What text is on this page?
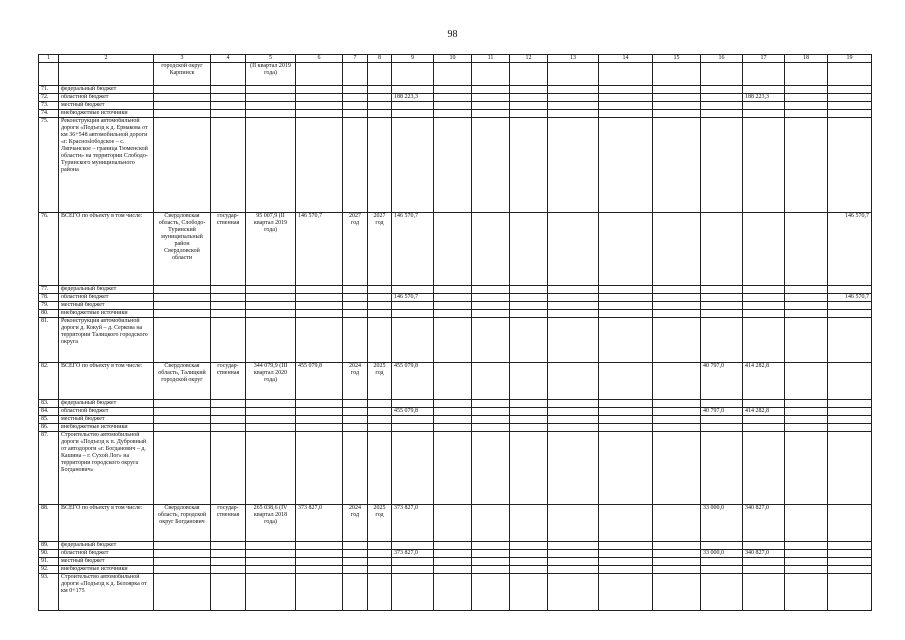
98
1	2	3	4	5	6	7	8	9	10	11	12	13	14	15	16	17	18	19
		городской округ Карпинск		(II квартал 2019 года)														
71.	федеральный бюджет																	
72.	областной бюджет							188 223,3								188 223,3		
73.	местный бюджет																	
74.	внебюджетные источники																	
75.	Реконструкция автомобильной дороги «Подъезд к д. Ермакова от км 36+548 автомобильной дороги «г. Красноslободское – с. Ляпчанское – граница Тюменской области» на территории Слободо-Туринского муниципального района																	
76.	ВСЕГО по объекту в том числе:	Свердловская область, Слободо-Туринский муниципальный район Свердловской области	государ-ственная	95 007,9 (II квартал 2019 года)	146 570,7	2027 год	2027 год	146 570,7										146 570,7
77.	федеральный бюджет																	
78.	областной бюджет							146 570,7										146 570,7
79.	местный бюджет																	
80.	внебюджетные источники																	
81.	Реконструкция автомобильной дороги д. Кокуй – д. Серкова на территории Талицкого городского округа																	
82.	ВСЕГО по объекту в том числе:	Свердловская область, Талицкий городской округ	государ-ственная	344 079,9 (III квартал 2020 года)	455 079,8	2024 год	2025 год	455 079,8							40 797,0	414 282,8		
83.	федеральный бюджет																	
84.	областной бюджет							455 079,8							40 797,0	414 282,8		
85.	местный бюджет																	
86.	внебюджетные источники																	
87.	Строительство автомобильной дороги «Подъезд к п. Дубровный от автодороги «г. Богданович – д. Кашина – г. Сухой Лог» на территории городского округа Богданович»																	
88.	ВСЕГО по объекту в том числе:	Свердловская область, городской округ Богданович	государ-ственная	265 038,6 (IV квартал 2018 года)	373 827,0	2024 год	2025 год	373 827,0							33 000,0	340 827,0		
89.	федеральный бюджет																	
90.	областной бюджет							373 827,0							33 000,0	340 827,0		
91.	местный бюджет																	
92.	внебюджетные источники																	
93.	Строительство автомобильной дороги «Подъезд к д. Белоярка от км 0+175																	
